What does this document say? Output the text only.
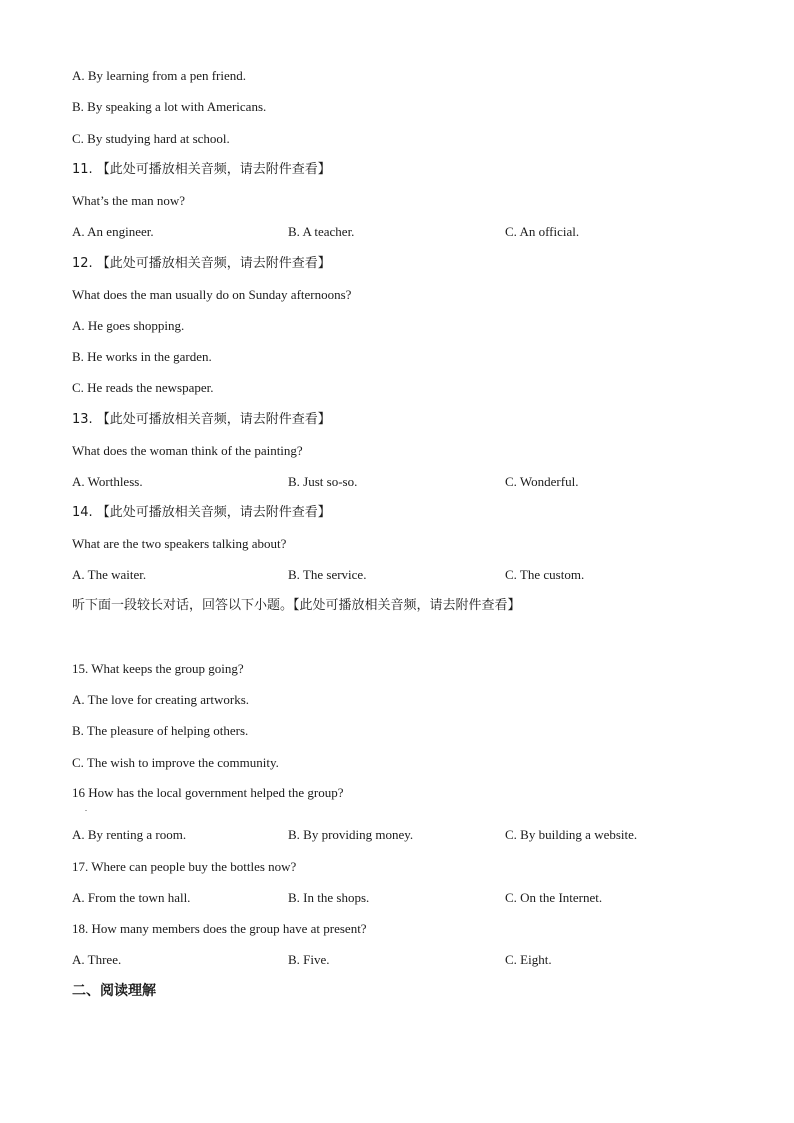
A. By learning from a pen friend.
B. By speaking a lot with Americans.
C. By studying hard at school.
11. 【此处可播放相关音频，请去附件查看】
What’s the man now?
A. An engineer.	B. A teacher.	C. An official.
12. 【此处可播放相关音频，请去附件查看】
What does the man usually do on Sunday afternoons?
A. He goes shopping.
B. He works in the garden.
C. He reads the newspaper.
13. 【此处可播放相关音频，请去附件查看】
What does the woman think of the painting?
A. Worthless.	B. Just so-so.	C. Wonderful.
14. 【此处可播放相关音频，请去附件查看】
What are the two speakers talking about?
A. The waiter.	B. The service.	C. The custom.
听下面一段较长对话，回答以下小题。【此处可播放相关音频，请去附件查看】
15. What keeps the group going?
A. The love for creating artworks.
B. The pleasure of helping others.
C. The wish to improve the community.
16 How has the local government helped the group?
.
A. By renting a room.	B. By providing money.	C. By building a website.
17. Where can people buy the bottles now?
A. From the town hall.	B. In the shops.	C. On the Internet.
18. How many members does the group have at present?
A. Three.	B. Five.	C. Eight.
二、阅读理解
